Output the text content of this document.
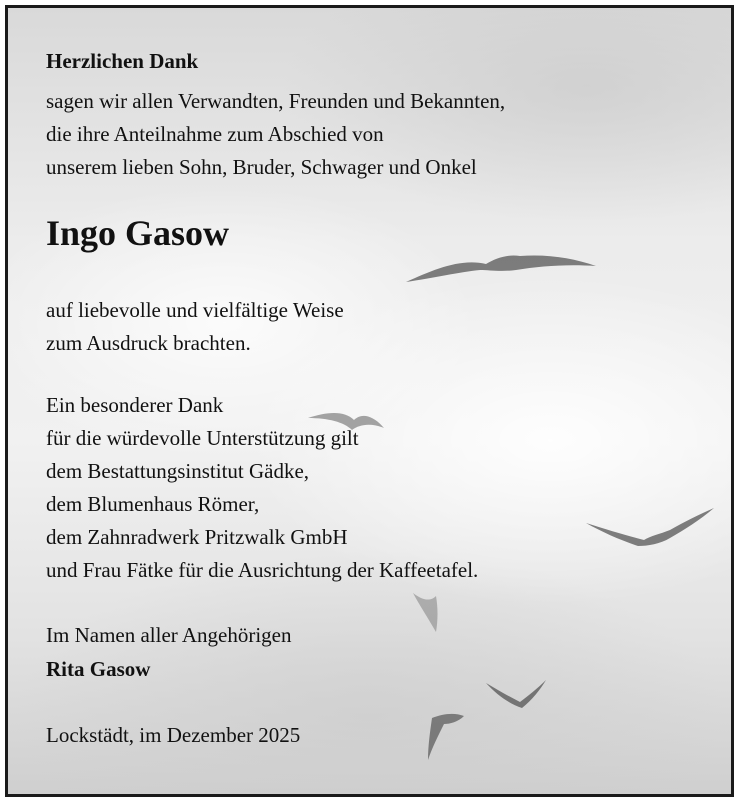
Herzlichen Dank

sagen wir allen Verwandten, Freunden und Bekannten,

die ihre Anteilnahme zum Abschied von

unserem lieben Sohn, Bruder, Schwager und Onkel

Ingo Gasow

auf liebevolle und vielfältige Weise

zum Ausdruck brachten.

Ein besonderer Dank

für die würdevolle Unterstützung gilt

dem Bestattungsinstitut Gädke,

dem Blumenhaus Römer,

dem Zahnradwerk Pritzwalk GmbH

und Frau Fätke für die Ausrichtung der Kaffeetafel.

Im Namen aller Angehörigen

Rita Gasow

Lockstädt, im Dezember 2025
